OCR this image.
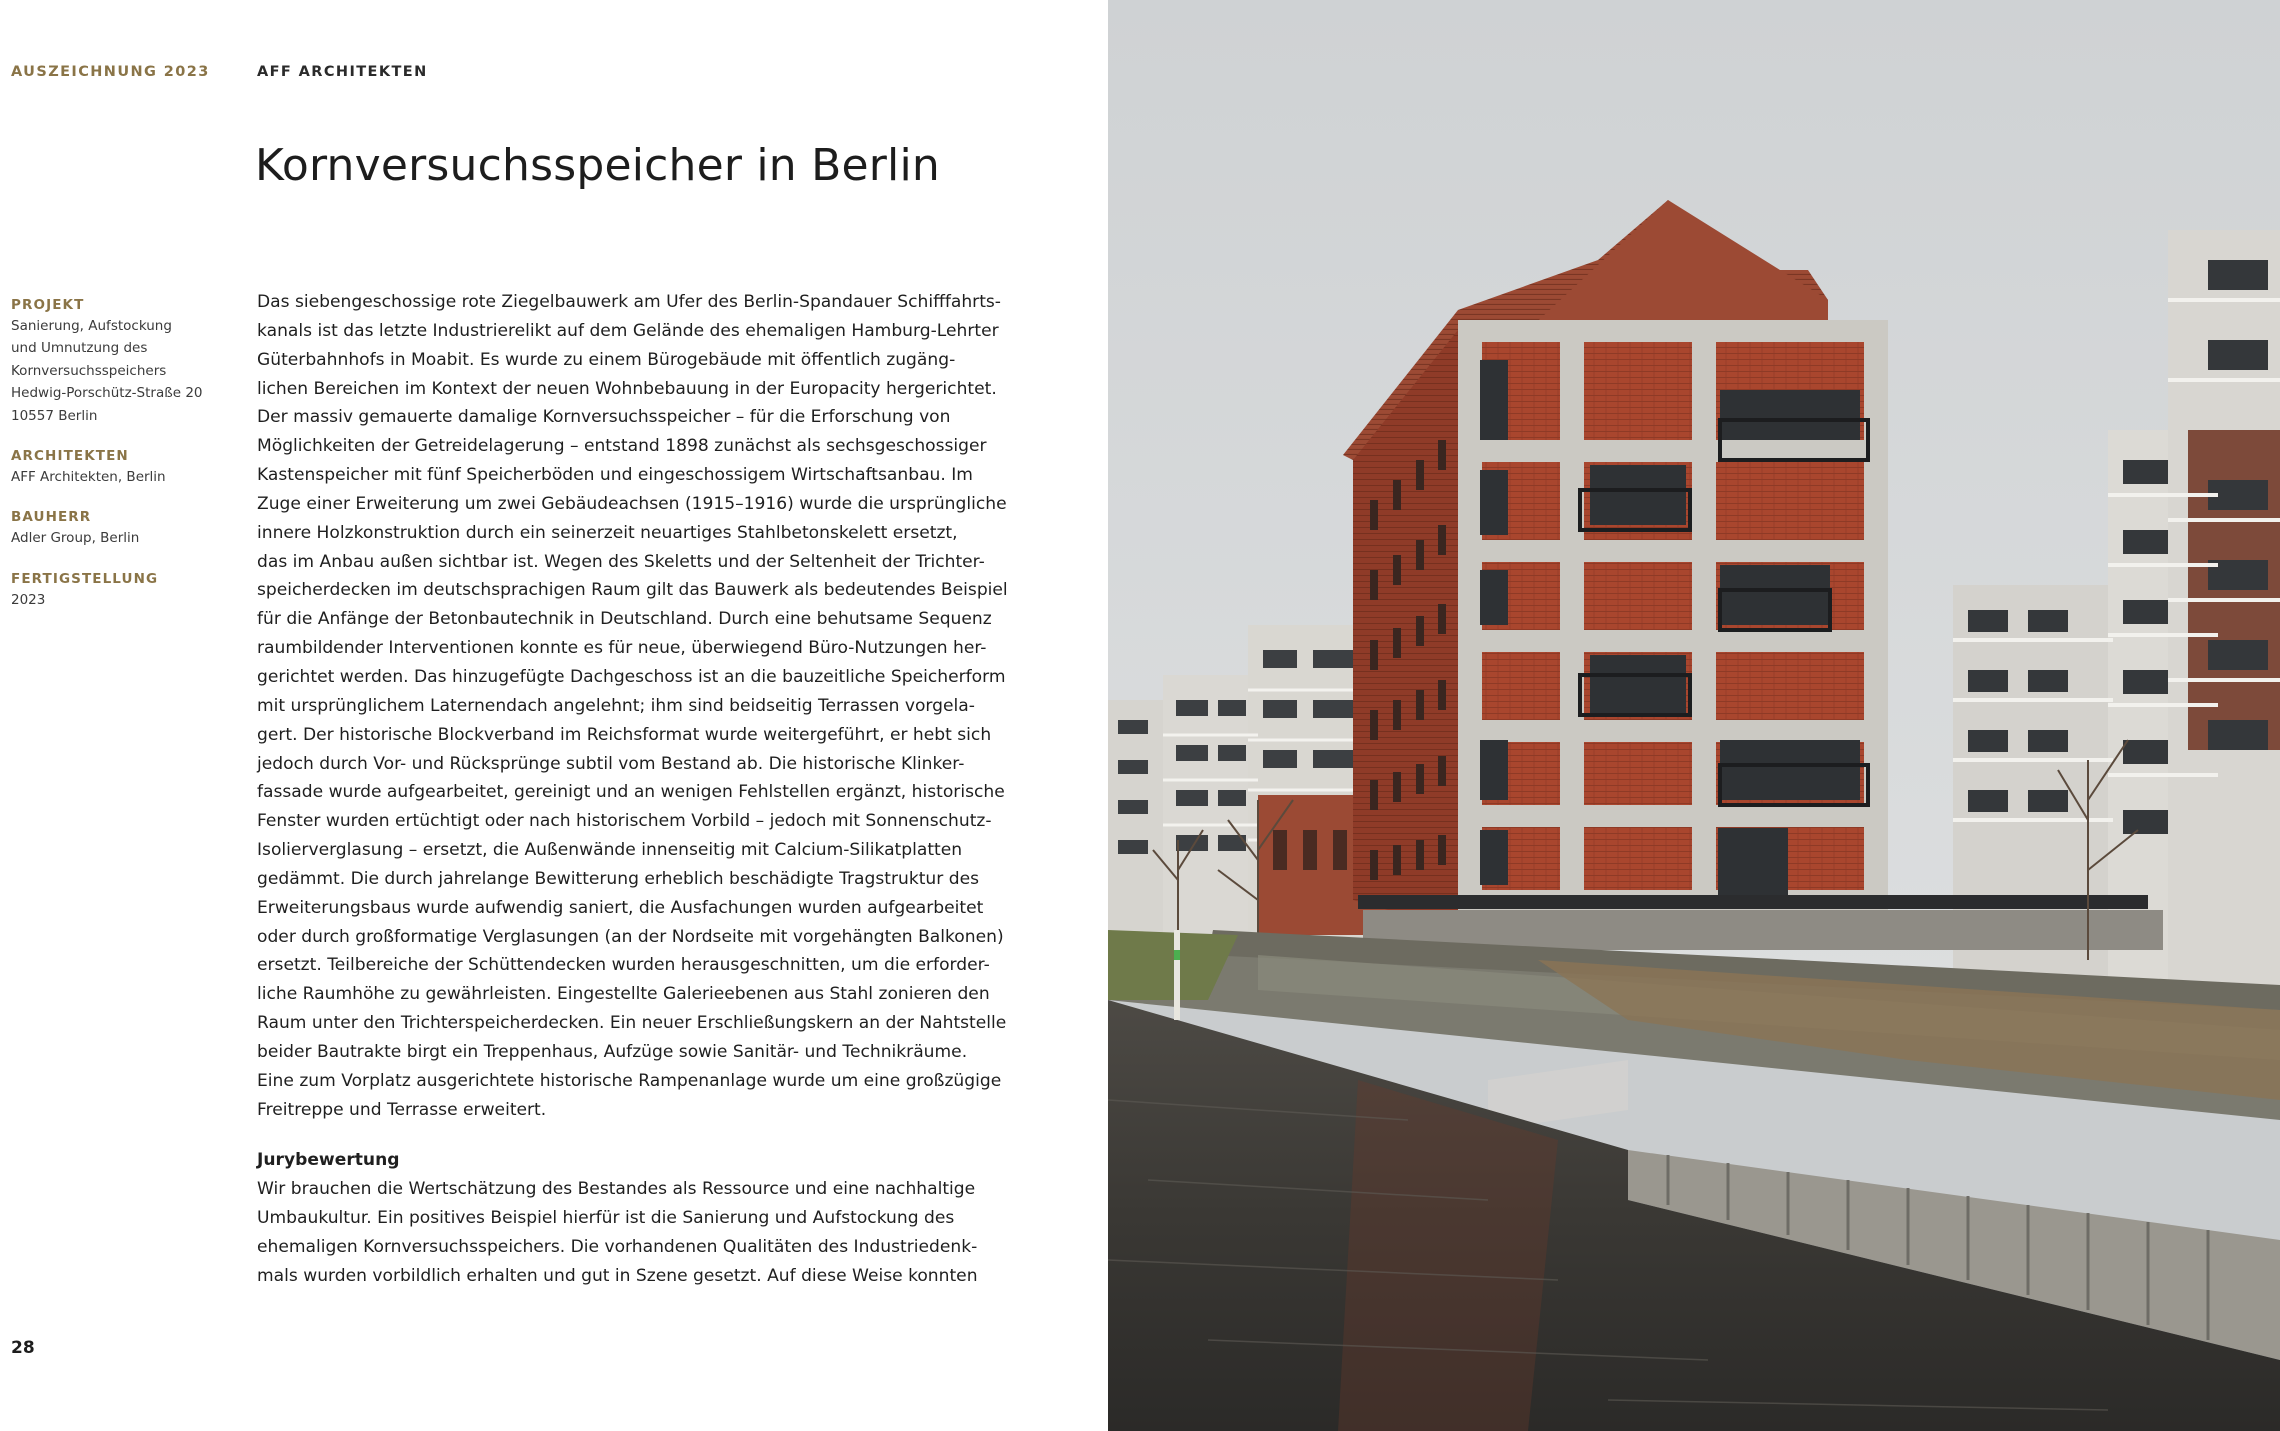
AUSZEICHNUNG 2023	AFF ARCHITEKTEN
Kornversuchsspeicher in Berlin
PROJEKT
Sanierung, Aufstockung
und Umnutzung des
Kornversuchsspeichers
Hedwig-Porschütz-Straße 20
10557 Berlin
ARCHITEKTEN
AFF Architekten, Berlin
BAUHERR
Adler Group, Berlin
FERTIGSTELLUNG
2023
Das siebengeschossige rote Ziegelbauwerk am Ufer des Berlin-Spandauer Schifffahrts-
kanals ist das letzte Industrierelikt auf dem Gelände des ehemaligen Hamburg-Lehrter
Güterbahnhofs in Moabit. Es wurde zu einem Bürogebäude mit öffentlich zugäng-
lichen Bereichen im Kontext der neuen Wohnbebauung in der Europacity hergerichtet.
Der massiv gemauerte damalige Kornversuchsspeicher – für die Erforschung von
Möglichkeiten der Getreidelagerung – entstand 1898 zunächst als sechsgeschossiger
Kastenspeicher mit fünf Speicherböden und eingeschossigem Wirtschaftsanbau. Im
Zuge einer Erweiterung um zwei Gebäudeachsen (1915–1916) wurde die ursprüngliche
innere Holzkonstruktion durch ein seinerzeit neuartiges Stahlbetonskelett ersetzt,
das im Anbau außen sichtbar ist. Wegen des Skeletts und der Seltenheit der Trichter-
speicherdecken im deutschsprachigen Raum gilt das Bauwerk als bedeutendes Beispiel
für die Anfänge der Betonbautechnik in Deutschland. Durch eine behutsame Sequenz
raumbildender Interventionen konnte es für neue, überwiegend Büro-Nutzungen her-
gerichtet werden. Das hinzugefügte Dachgeschoss ist an die bauzeitliche Speicherform
mit ursprünglichem Laternendach angelehnt; ihm sind beidseitig Terrassen vorgela-
gert. Der historische Blockverband im Reichsformat wurde weitergeführt, er hebt sich
jedoch durch Vor- und Rücksprünge subtil vom Bestand ab. Die historische Klinker-
fassade wurde aufgearbeitet, gereinigt und an wenigen Fehlstellen ergänzt, historische
Fenster wurden ertüchtigt oder nach historischem Vorbild – jedoch mit Sonnenschutz-
Isolierverglasung – ersetzt, die Außenwände innenseitig mit Calcium-Silikatplatten
gedämmt. Die durch jahrelange Bewitterung erheblich beschädigte Tragstruktur des
Erweiterungsbaus wurde aufwendig saniert, die Ausfachungen wurden aufgearbeitet
oder durch großformatige Verglasungen (an der Nordseite mit vorgehängten Balkonen)
ersetzt. Teilbereiche der Schüttendecken wurden herausgeschnitten, um die erforder-
liche Raumhöhe zu gewährleisten. Eingestellte Galerieebenen aus Stahl zonieren den
Raum unter den Trichterspeicherdecken. Ein neuer Erschließungskern an der Nahtstelle
beider Bautrakte birgt ein Treppenhaus, Aufzüge sowie Sanitär- und Technikräume.
Eine zum Vorplatz ausgerichtete historische Rampenanlage wurde um eine großzügige
Freitreppe und Terrasse erweitert.
Jurybewertung
Wir brauchen die Wertschätzung des Bestandes als Ressource und eine nachhaltige
Umbaukultur. Ein positives Beispiel hierfür ist die Sanierung und Aufstockung des
ehemaligen Kornversuchsspeichers. Die vorhandenen Qualitäten des Industriedenk-
mals wurden vorbildlich erhalten und gut in Szene gesetzt. Auf diese Weise konnten
28
